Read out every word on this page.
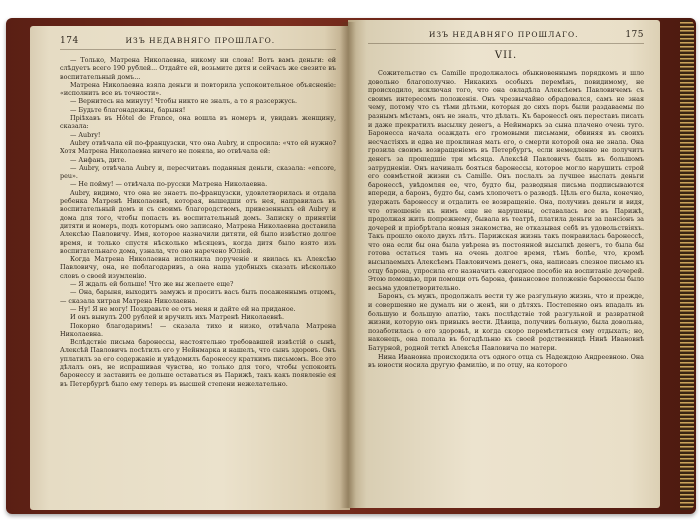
174	ИЗЪ НЕДАВНЯГО ПРОШЛАГО.

— Только, Матрена Николаевна, никому ни слова! Вотъ вамъ деньги: ей слѣдуетъ всего 190 рублей... Отдайте ей, возьмите дитя и сейчасъ же свезите въ воспитательный домъ...

Матрена Николаевна взяла деньги и повторила успокоительное объясненіе: «исполнить все въ точности».

— Вернитесь на минуту! Чтобы никто не зналъ, а то я разсержусь.

— Будьте благонадежны, барыня!

Пріѣхавъ въ Hôtel de France, она вошла въ номеръ и, увидавъ женщину, сказала:

— Aubry!

Aubry отвѣчала ей по-французски, что она Aubry, и спросила: «что ей нужно? Хотя Матрена Николаевна ничего не поняла, но отвѣчала ей:

— Анфанъ, дите.

— Aubry, отвѣчала Aubry и, пересчитавъ поданныя деньги, сказала: «encore, peu».

— Не пойму! — отвѣчала по-русски Матрена Николаевна.

Aubry, видимо, что она не знаетъ по-французски, удовлетворилась и отдала ребенка Матренѣ Николаевнѣ, которая, вышедши отъ нея, направилась въ воспитательный домъ и съ своимъ благородствомъ, привезенныхъ ей Aubry и дома для того, чтобы попасть въ воспитательный домъ. Записку о принятіи дитяти и номеръ, подъ которымъ оно записано, Матрена Николаевна доставила Алексѣю Павловичу. Имя, которое назначили дитяти, ей было извѣстно долгое время, и только спустя нѣсколько мѣсяцевъ, когда дитя было взято изъ воспитательнаго дома, узнала, что оно наречено Юліей.

Когда Матрена Николаевна исполнила порученіе и явилась къ Алексѣю Павловичу, она, не поблагодаривъ, а она наша удобныхъ сказать нѣсколько словъ о своей изумленію.

— Я ждалъ ей больше! Что же вы желаете еще?

— Она, барыня, выходитъ замужъ и проситъ васъ быть посаженнымъ отцомъ, — сказала хитрая Матрена Николаевна.

— Ну! Я не могу! Поздравьте ее отъ меня и дайте ей на приданое.

И онъ вынулъ 200 рублей и вручилъ ихъ Матренѣ Николаевнѣ.

Покорно благодаримъ! — сказала тихо и низко, отвѣчала Матрена Николаевна.

Вслѣдствіе письма баронессы, настоятельно требовавшей извѣстій о сынѣ, Алексѣй Павловичъ посѣтилъ его у Нейнмарка и нашелъ, что сынъ здоровъ. Онъ уплатилъ за его содержаніе и увѣдомилъ баронессу краткимъ письмомъ. Все это дѣлалъ онъ, не испрашивая чувства, но только для того, чтобы успокоить баронессу и заставить ее дольше оставаться въ Парижѣ, такъ какъ появленіе ея въ Петербургѣ было ему теперь въ высшей степени нежелательно.

ИЗЪ НЕДАВНЯГО ПРОШЛАГО.	175
VII.

Сожительство съ Camille продолжалось обыкновеннымъ порядкомъ и шло довольно благополучно. Никакихъ особыхъ перемѣнъ, повидимому, не происходило, исключая того, что она овладѣла Алексѣемъ Павловичемъ съ своимъ интересомъ положенія. Онъ чрезвычайно обрадовался, самъ не зная чему, потому что съ тѣми дѣтьми, которыя до сихъ поръ были раздаваемы по разнымъ мѣстамъ, онъ не зналъ, что дѣлать. Къ баронессѣ онъ переставъ писать и даже прекратилъ высылку денегъ, а Нейнмаркъ за сына плачено очень туго. Баронесса начала осаждать его громовыми письмами, обвиняя въ своихъ несчастіяхъ и едва не проклиная мать его, о смерти которой она не знала. Она грозила своимъ возвращеніемъ въ Петербургъ, если немедленно не получитъ денегъ за прошедшіе три мѣсяца. Алексѣй Павловичъ былъ въ большомъ затрудненіи. Онъ начиналъ бояться баронессы, которое могло нарушить строй его совмѣстной жизни съ Camille. Онъ послалъ за лучшее выслать деньги баронессѣ, увѣдомляя ее, что, будто бы, разводныя письма подписываются впереди, а баронъ, будто бы, самъ хлопочетъ о разводѣ. Цѣль его была, конечно, удержать баронессу и отдалить ее возвращеніе. Она, получивъ деньги и видя, что отношеніе къ нимъ еще не нарушены, оставалась все въ Парижѣ, продолжая жить попрежнему, бывала въ театрѣ, платила деньги за пансіонъ за дочерей и пріобрѣтала новыя знакомства, не отказывая себѣ въ удовольствіяхъ. Такъ прошло около двухъ лѣтъ. Парижская жизнь такъ понравилась баронессѣ, что она если бы она была увѣрена въ постоянной высылкѣ денегъ, то была бы готова остаться тамъ на очень долгое время, тѣмъ болѣе, что, кромѣ высылаемыхъ Алексѣемъ Павловичемъ денегъ, она, написавъ слезное письмо къ отцу барона, упросила его назначить ежегодное пособіе на воспитаніе дочерей. Этою помощью, при помощи отъ барона, финансовое положеніе баронессы было весьма удовлетворительно.

Баронъ, съ мужъ, продолжалъ вести ту же разгульную жизнь, что и прежде, и совершенно не думалъ ни о женѣ, ни о дѣтяхъ. Постепенно онъ впадалъ въ большую и большую апатію, такъ послѣдствіе той разгульной и развратной жизни, которую онъ привыкъ вести. Дѣвица, получивъ больную, была довольна, позаботилась о его здоровьѣ, и когда скоро перемѣститься ему отдыхать; но, наконецъ, она попала въ богадѣльню къ своей родственницѣ Нинѣ Ивановнѣ Батурной, родной теткѣ Алексѣя Павловича по матери.

Нина Ивановна происходила отъ одного отца съ Надеждою Андреевною. Она въ юности носила другую фамилію, и по отцу, на которого
